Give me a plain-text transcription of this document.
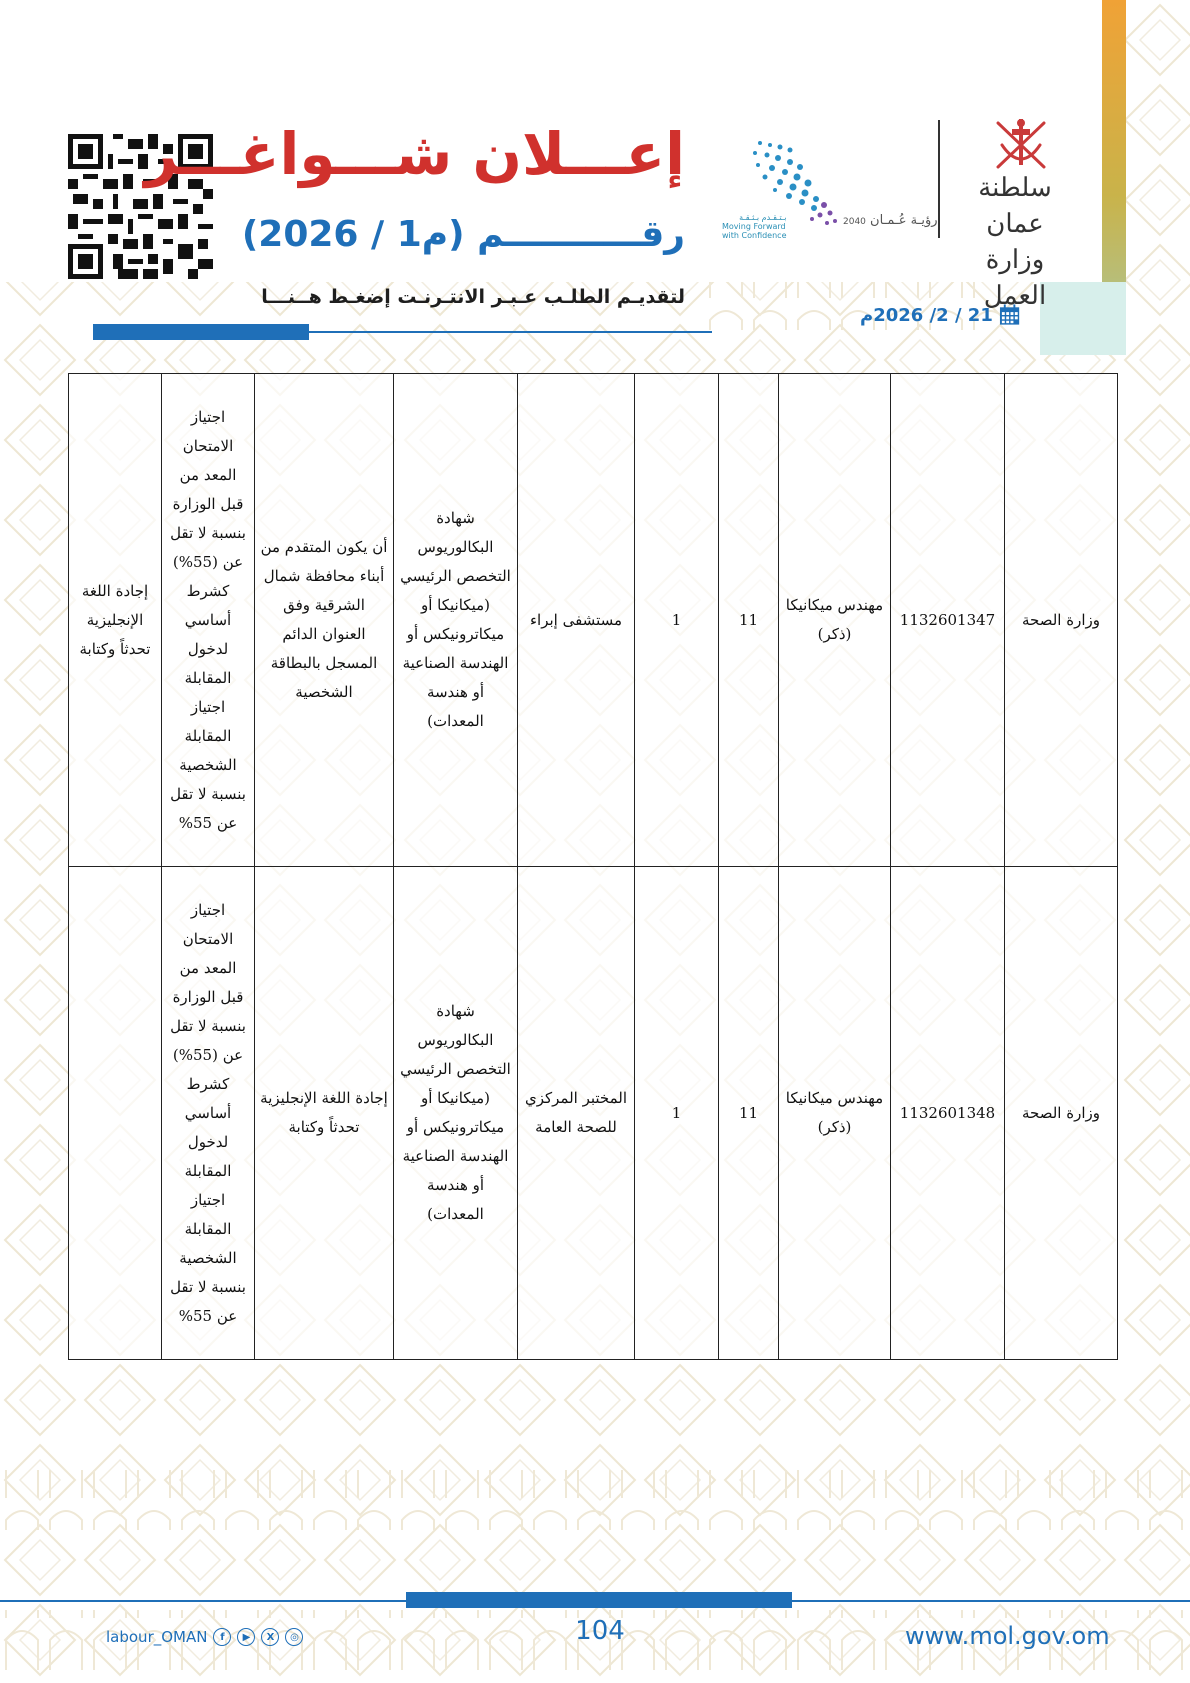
إعـــلان شـــواغـــر
رقـــــــــــم (م1 / 2026)
لتقديـم الطلـب عـبـر الانتـرنـت إضغـط هــنـــا
21 / 2/ 2026م
رؤيـة عُـمـان 2040
بـتـقـدم بـثـقـة
Moving Forward
with Confidence
سلطنة عمان
وزارة العمل
وزارة الصحة	1132601347	مهندس ميكانيكا (ذكر)	11	1	مستشفى إبراء	شهادة البكالوريوس التخصص الرئيسي (ميكانيكا أو ميكاترونيكس أو الهندسة الصناعية أو هندسة المعدات)	أن يكون المتقدم من أبناء محافظة شمال الشرقية وفق العنوان الدائم المسجل بالبطاقة الشخصية	اجتياز الامتحان المعد من قبل الوزارة بنسبة لا تقل عن (55%) كشرط أساسي لدخول المقابلة اجتياز المقابلة الشخصية بنسبة لا تقل عن 55%	إجادة اللغة الإنجليزية تحدثاً وكتابة
وزارة الصحة	1132601348	مهندس ميكانيكا (ذكر)	11	1	المختبر المركزي للصحة العامة	شهادة البكالوريوس التخصص الرئيسي (ميكانيكا أو ميكاترونيكس أو الهندسة الصناعية أو هندسة المعدات)	إجادة اللغة الإنجليزية تحدثاً وكتابة	اجتياز الامتحان المعد من قبل الوزارة بنسبة لا تقل عن (55%) كشرط أساسي لدخول المقابلة اجتياز المقابلة الشخصية بنسبة لا تقل عن 55%	
104	www.mol.gov.om
labour_OMAN	f	▶	X	◎
